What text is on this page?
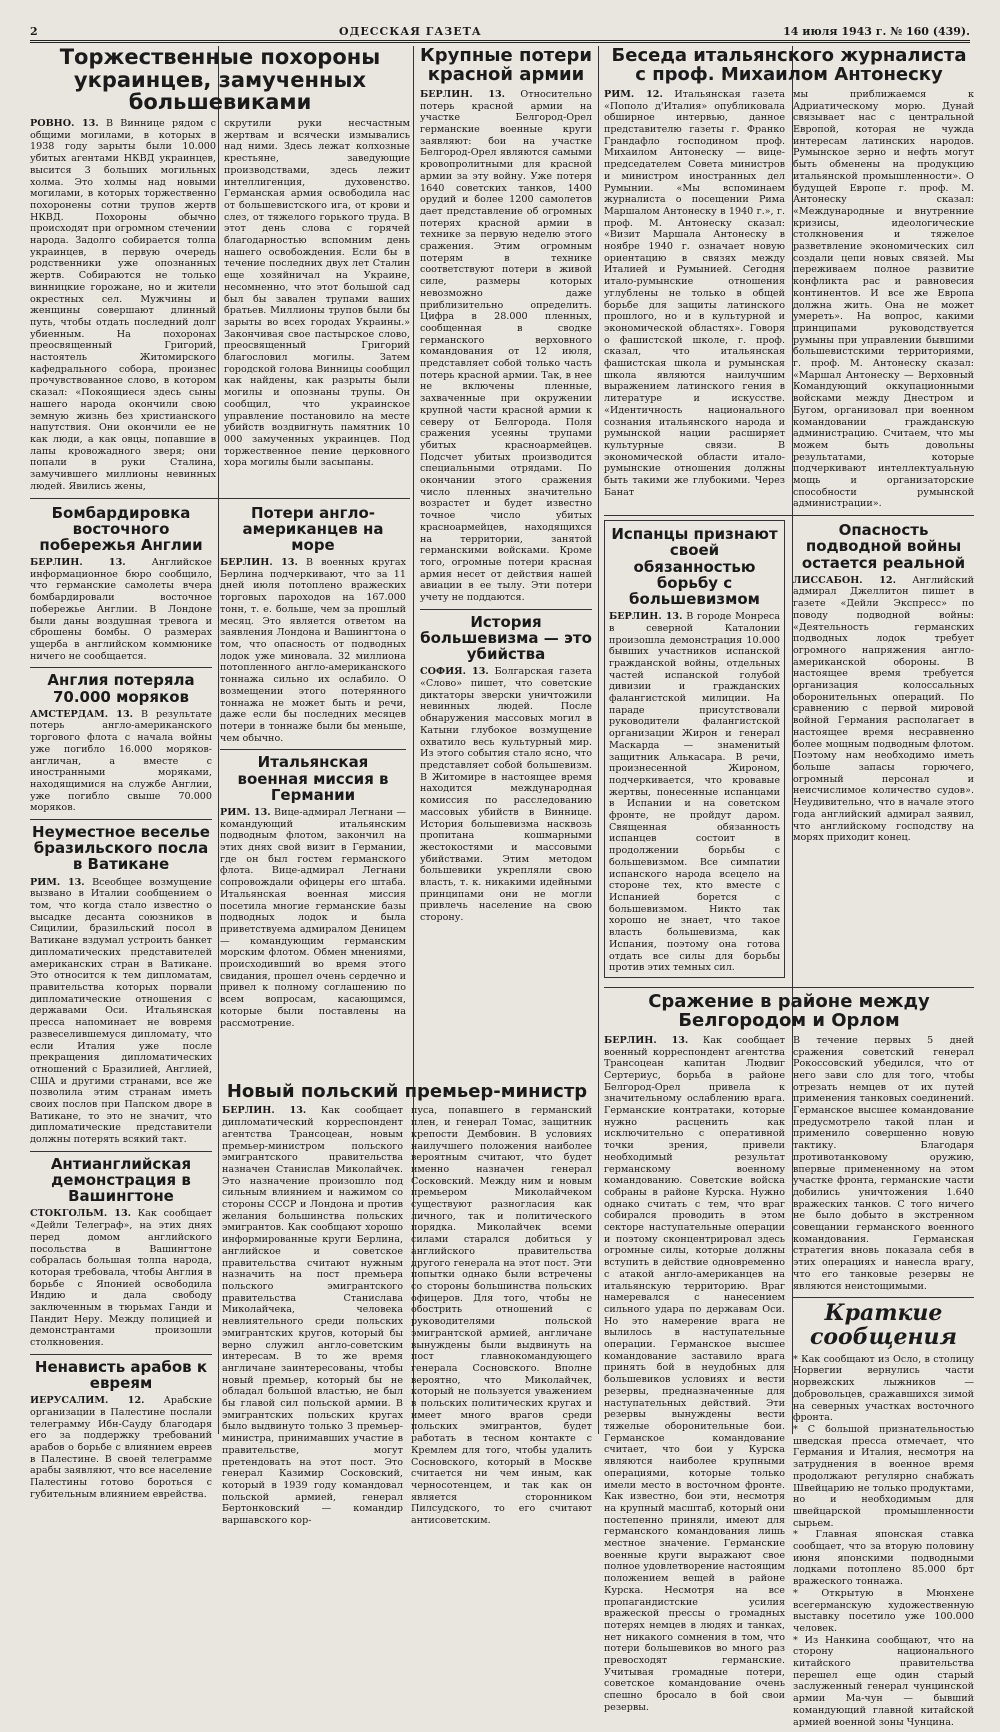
2	ОДЕССКАЯ ГАЗЕТА	14 июля 1943 г. № 160 (439).
Торжественные похороны украинцев, замученных большевиками

РОВНО. 13. В Виннице рядом с общими могилами, в которых в 1938 году зарыты были 10.000 убитых агентами НКВД украинцев, высится 3 больших могильных холма. Это холмы над новыми могилами, в которых торжественно похоронены сотни трупов жертв НКВД. Похороны обычно происходят при огромном стечении народа. Задолго собирается толпа украинцев, в первую очередь родственники уже опознанных жертв. Собираются не только винницкие горожане, но и жители окрестных сел. Мужчины и женщины совершают длинный путь, чтобы отдать последний долг убиенным. На похоронах преосвященный Григорий, настоятель Житомирского кафедрального собора, произнес прочувствованное слово, в котором сказал: «Покоящиеся здесь сыны нашего народа окончили свою земную жизнь без христианского напутствия. Они окончили ее не как люди, а как овцы, попавшие в лапы кровожадного зверя; они попали в руки Сталина, замучившего миллионы невинных людей. Явились жены,

скрутили руки несчастным жертвам и всячески измывались над ними. Здесь лежат колхозные крестьяне, заведующие производствами, здесь лежит интеллигенция, духовенство. Германская армия освободила нас от большевистского ига, от крови и слез, от тяжелого горького труда. В этот день слова с горячей благодарностью вспомним день нашего освобождения. Если бы в течение последних двух лет Сталин еще хозяйничал на Украине, несомненно, что этот большой сад был бы завален трупами ваших братьев. Миллионы трупов были бы зарыты во всех городах Украины.» Закончивая свое пастырское слово, преосвященный Григорий благословил могилы. Затем городской голова Винницы сообщил как найдены, как разрыты были могилы и опознаны трупы. Он сообщил, что украинское управление постановило на месте убийств воздвигнуть памятник 10 000 замученных украинцев. Под торжественное пение церковного хора могилы были засыпаны.

Бомбардировка восточного побережья Англии

БЕРЛИН. 13.	Английское информационное бюро сообщило, что германские самолеты вчера бомбардировали восточное побережье Англии. В Лондоне были даны воздушная тревога и сброшены бомбы. О размерах ущерба в английском коммюнике ничего не сообщается.

Англия потеряла 70.000 моряков

АМСТЕРДАМ. 13. В результате потерь англо-американского торгового флота с начала войны уже погибло 16.000 моряков-англичан, а вместе с иностранными моряками, находящимися на службе Англии, уже погибло свыше 70.000 моряков.

Неуместное веселье бразильского посла в Ватикане

РИМ. 13. Всеобщее возмущение вызвано в Италии сообщением о том, что когда стало известно о высадке десанта союзников в Сицилии, бразильский посол в Ватикане вздумал устроить банкет дипломатических представителей американских стран в Ватикане. Это относится к тем дипломатам, правительства которых порвали дипломатические отношения с державами Оси. Итальянская пресса напоминает не вовремя развеселившемуся дипломату, что если Италия уже после прекращения дипломатических отношений с Бразилией, Англией, США и другими странами, все же позволила этим странам иметь своих послов при Папском дворе в Ватикане, то это не значит, что дипломатические представители должны потерять всякий такт.

Антианглийская демонстрация в Вашингтоне

СТОКГОЛЬМ. 13. Как сообщает «Дейли Телеграф», на этих днях перед домом английского посольства в Вашингтоне собралась большая толпа народа, которая требовала, чтобы Англия в борьбе с Японией освободила Индию и дала свободу заключенным в тюрьмах Ганди и Пандит Неру. Между полицией и демонстрантами произошли столкновения.

Ненависть арабов к евреям

ИЕРУСАЛИМ. 12. Арабские организации в Палестине послали телеграмму Ибн-Сауду благодаря его за поддержку требований арабов о борьбе с влиянием евреев в Палестине. В своей телеграмме арабы заявляют, что все население Палестины готово бороться с губительным влиянием еврейства.

Потери англо-американцев на море

БЕРЛИН. 13. В военных кругах Берлина подчеркивают, что за 11 дней июля потоплено вражеских торговых пароходов на 167.000 тонн, т. е. больше, чем за прошлый месяц. Это является ответом на заявления Лондона и Вашингтона о том, что опасность от подводных лодок уже миновала. 32 миллиона потопленного англо-американского тоннажа сильно их ослабило. О возмещении этого потерянного тоннажа не может быть и речи, даже если бы последних месяцев потери в тоннаже были бы меньше, чем обычно.

Итальянская военная миссия в Германии

РИМ. 13. Вице-адмирал Легнани — командующий итальянским подводным флотом, закончил на этих днях свой визит в Германии, где он был гостем германского флота. Вице-адмирал Легнани сопровождали офицеры его штаба. Итальянская военная миссия посетила многие германские базы подводных лодок и была приветствуема адмиралом Деницем — командующим германским морским флотом. Обмен мнениями, происходивший во время этого свидания, прошел очень сердечно и привел к полному соглашению по всем вопросам, касающимся, которые были поставлены на рассмотрение.

Крупные потери красной армии

БЕРЛИН. 13. Относительно потерь красной армии на участке Белгород-Орел германские военные круги заявляют: бои на участке Белгород-Орел являются самыми кровопролитными для красной армии за эту войну. Уже потеря 1640 советских танков, 1400 орудий и более 1200 самолетов дает представление об огромных потерях красной армии в технике за первую неделю этого сражения. Этим огромным потерям в технике соответствуют потери в живой силе, размеры которых невозможно даже приблизительно определить. Цифра в 28.000 пленных, сообщенная в сводке германского верховного командования от 12 июля, представляет собой только часть потерь красной армии. Так, в нее не включены пленные, захваченные при окружении крупной части красной армии к северу от Белгорода. Поля сражения усеяны трупами убитых красноармейцев. Подсчет убитых производится специальными отрядами. По окончании этого сражения число пленных значительно возрастет и будет известно точное число убитых красноармейцев, находящихся на территории, занятой германскими войсками. Кроме того, огромные потери красная армия несет от действия нашей авиации в ее тылу. Эти потери учету не поддаются.

История большевизма — это убийства

СОФИЯ. 13. Болгарская газета «Слово» пишет, что советские диктаторы зверски уничтожили невинных людей. После обнаружения массовых могил в Катыни глубокое возмущение охватило весь культурный мир. Из этого события стало ясно, что представляет собой большевизм. В Житомире в настоящее время находится международная комиссия по расследованию массовых убийств в Виннице. История большевизма насквозь пропитана кошмарными жестокостями и массовыми убийствами. Этим методом большевики укрепляли свою власть, т. к. никакими идейными принципами они не могли привлечь население на свою сторону.

Новый польский премьер-министр

БЕРЛИН. 13. Как сообщает дипломатический корреспондент агентства Трансоцеан, новым премьер-министром польского эмигрантского правительства назначен Станислав Миколайчек. Это назначение произошло под сильным влиянием и нажимом со стороны СССР и Лондона и против желания большинства польских эмигрантов. Как сообщают хорошо информированные круги Берлина, английское и советское правительства считают нужным назначить на пост премьера польского эмигрантского правительства Станислава Миколайчека, человека невлиятельного среди польских эмигрантских кругов, который бы верно служил англо-советским интересам. В то же время англичане заинтересованы, чтобы новый премьер, который бы не обладал большой властью, не был бы главой сил польской армии. В эмигрантских польских кругах было выдвинуто только 3 премьер-министра, принимавших участие в правительстве, могут претендовать на этот пост. Это генерал Казимир Сосковский, который в 1939 году командовал польской армией, генерал Бертонковский — командир варшавского кор-

пуса, попавшего в германский плен, и генерал Томас, защитник крепости Дембовин. В условиях наилучшего положения наиболее вероятным считают, что будет именно назначен генерал Сосковский. Между ним и новым премьером Миколайчеком существуют разногласия как личного, так и политического порядка. Миколайчек всеми силами старался добиться у английского правительства другого генерала на этот пост. Эти попытки однако были встречены со стороны большинства польских офицеров. Для того, чтобы не обострить отношений с руководителями польской эмигрантской армией, англичане вынуждены были выдвинуть на пост главнокомандующего генерала Сосновского. Вполне вероятно, что Миколайчек, который не пользуется уважением в польских политических кругах и имеет много врагов среди польских эмигрантов, будет работать в тесном контакте с Кремлем для того, чтобы удалить Сосновского, который в Москве считается ни чем иным, как черносотенцем, и так как он является сторонником Пилсудского, то его считают антисоветским.

Беседа итальянского журналиста с проф. Михаилом Антонеску

РИМ. 12. Итальянская газета «Пополо д'Италия» опубликовала обширное интервью, данное представителю газеты г. Франко Грандафло господином проф. Михаилом Антонеску — вице-председателем Совета министров и министром иностранных дел Румынии. «Мы вспоминаем журналиста о посещении Рима Маршалом Антонеску в 1940 г.», г. проф. М. Антонеску сказал: «Визит Маршала Антонеску в ноябре 1940 г. означает новую ориентацию в связях между Италией и Румынией. Сегодня итало-румынские отношения углублены не только в общей борьбе для защиты латинского прошлого, но и в культурной и экономической областях». Говоря о фашистской школе, г. проф. сказал, что итальянская фашистская школа и румынская школа являются наилучшим выражением латинского гения в литературе и искусстве. «Идентичность национального сознания итальянского народа и румынской нации расширяет культурные связи. В экономической области итало-румынские отношения должны быть такими же глубокими. Через Банат

мы приближаемся к Адриатическому морю. Дунай связывает нас с центральной Европой, которая не чужда интересам латинских народов. Румынское зерно и нефть могут быть обменены на продукцию итальянской промышленности». О будущей Европе г. проф. М. Антонеску сказал: «Международные и внутренние кризисы, идеологические столкновения и тяжелое разветвление экономических сил создали цепи новых связей. Мы переживаем полное развитие конфликта рас и равновесия континентов. И все же Европа должна жить. Она не может умереть». На вопрос, какими принципами руководствуется румыны при управлении бывшими большевистскими территориями, г. проф. М. Антонеску сказал: «Маршал Антонеску — Верховный Командующий оккупационными войсками между Днестром и Бугом, организовал при военном командовании гражданскую администрацию. Считаем, что мы можем быть довольны результатами, которые подчеркивают интеллектуальную мощь и организаторские способности румынской администрации».

Испанцы признают своей обязанностью борьбу с большевизмом

БЕРЛИН. 13. В городе Монреса в северной Каталонии произошла демонстрация 10.000 бывших участников испанской гражданской войны, отдельных частей испанской голубой дивизии и гражданских фалангистской милиции. На параде присутствовали руководители фалангистской организации Жирон и генерал Маскарда — знаменитый защитник Алькасара. В речи, произнесенной Жироном, подчеркивается, что кровавые жертвы, понесенные испанцами в Испании и на советском фронте, не пройдут даром. Священная обязанность испанцев состоит в продолжении борьбы с большевизмом. Все симпатии испанского народа всецело на стороне тех, кто вместе с Испанией борется с большевизмом. Никто так хорошо не знает, что такое власть большевизма, как Испания, поэтому она готова отдать все силы для борьбы против этих темных сил.

Опасность подводной войны остается реальной

ЛИССАБОН. 12. Английский адмирал Джеллитон пишет в газете «Дейли Экспресс» по поводу подводной войны: «Деятельность германских подводных лодок требует огромного напряжения англо-американской обороны. В настоящее время требуется организация колоссальных оборонительных операций. По сравнению с первой мировой войной Германия располагает в настоящее время несравненно более мощным подводным флотом. Поэтому нам необходимо иметь больше запасы горючего, огромный персонал и неисчислимое количество судов». Неудивительно, что в начале этого года английский адмирал заявил, что английскому господству на морях приходит конец.

Сражение в районе между Белгородом и Орлом

БЕРЛИН. 13. Как сообщает военный корреспондент агентства Трансоцеан капитан Людвиг Сертериус, борьба в районе Белгород-Орел привела к значительному ослаблению врага. Германские контратаки, которые нужно расценить как исключительно с оперативной точки зрения, привели необходимый результат германскому военному командованию. Советские войска собраны в районе Курска. Нужно однако считать с тем, что враг собирался проводить в этом секторе наступательные операции и поэтому сконцентрировал здесь огромные силы, которые должны вступить в действие одновременно с атакой англо-американцев на итальянскую территорию. Враг намеревался с нанесением сильного удара по державам Оси. Но это намерение врага не вылилось в наступательные операции. Германское высшее командование заставило врага принять бой в неудобных для большевиков условиях и вести резервы, предназначенные для наступательных действий. Эти резервы вынуждены вести тяжелые оборонительные бои. Германское командование считает, что бои у Курска являются наиболее крупными операциями, которые только имели место в восточном фронте. Как известно, бои эти, несмотря на крупный масштаб, который они постепенно приняли, имеют для германского командования лишь местное значение. Германские военные круги выражают свое полное удовлетворение настоящим положением вещей в районе Курска. Несмотря на все пропагандистские усилия вражеской прессы о громадных потерях немцев в людях и танках, нет никакого сомнения в том, что потери большевиков во много раз превосходят германские. Учитывая громадные потери, советское командование очень спешно бросало в бой свои резервы.

В течение первых 5 дней сражения советский генерал Рокоссовский убедился, что от него зави сло для того, чтобы отрезать немцев от их путей применения танковых соединений. Германское высшее командование предусмотрело такой план и применило совершенно новую тактику. Благодаря противотанковому оружию, впервые примененному на этом участке фронта, германские части добились уничтожения 1.640 вражеских танков. С того ничего не было добыто в экстренном совещании германского военного командования. Германская стратегия вновь показала себя в этих операциях и нанесла врагу, что его танковые резервы не являются неистощимыми.

Краткие сообщения

* Как сообщают из Осло, в столицу Норвегии вернулись части норвежских лыжников — добровольцев, сражавшихся зимой на северных участках восточного фронта.

* С большой признательностью шведская пресса отмечает, что Германия и Италия, несмотря на затруднения в военное время продолжают регулярно снабжать Швейцарию не только продуктами, но и необходимым для швейцарской промышленности сырьем.

* Главная японская ставка сообщает, что за вторую половину июня японскими подводными лодками потоплено 85.000 брт вражеского тоннажа.

* Открытую в Мюнхене всегерманскую художественную выставку посетило уже 100.000 человек.

* Из Нанкина сообщают, что на сторону национального китайского правительства перешел еще один старый заслуженный генерал чунцинской армии Ма-чун — бывший командующий главной китайской армией военной зоны Чунцина.
